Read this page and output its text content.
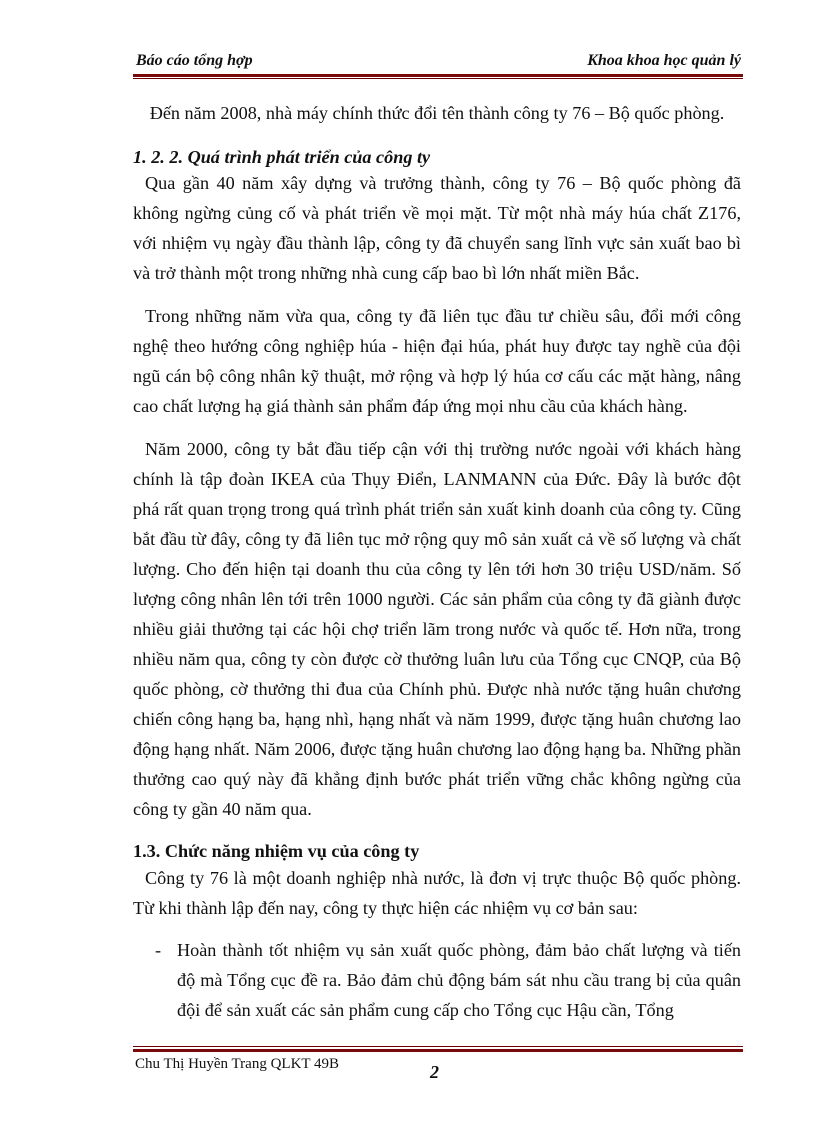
Báo cáo tổng hợp	Khoa khoa học quản lý

Đến năm 2008, nhà máy chính thức đổi tên thành công ty 76 – Bộ quốc phòng.

1. 2. 2. Quá trình phát triển của công ty

Qua gần 40 năm xây dựng và trưởng thành, công ty 76 – Bộ quốc phòng đã không ngừng củng cố và phát triển về mọi mặt. Từ một nhà máy húa chất Z176, với nhiệm vụ ngày đầu thành lập, công ty đã chuyển sang lĩnh vực sản xuất bao bì và trở thành một trong những nhà cung cấp bao bì lớn nhất miền Bắc.

Trong những năm vừa qua, công ty đã liên tục đầu tư chiều sâu, đổi mới công nghệ theo hướng công nghiệp húa - hiện đại húa, phát huy được tay nghề của đội ngũ cán bộ công nhân kỹ thuật, mở rộng và hợp lý húa cơ cấu các mặt hàng, nâng cao chất lượng hạ giá thành sản phẩm đáp ứng mọi nhu cầu của khách hàng.

Năm 2000, công ty bắt đầu tiếp cận với thị trường nước ngoài với khách hàng chính là tập đoàn IKEA của Thụy Điển, LANMANN của Đức. Đây là bước đột phá rất quan trọng trong quá trình phát triển sản xuất kinh doanh của công ty. Cũng bắt đầu từ đây, công ty đã liên tục mở rộng quy mô sản xuất cả về số lượng và chất lượng. Cho đến hiện tại doanh thu của công ty lên tới hơn 30 triệu USD/năm. Số lượng công nhân lên tới trên 1000 người. Các sản phẩm của công ty đã giành được nhiều giải thưởng tại các hội chợ triển lãm trong nước và quốc tế. Hơn nữa, trong nhiều năm qua, công ty còn được cờ thưởng luân lưu của Tổng cục CNQP, của Bộ quốc phòng, cờ thưởng thi đua của Chính phủ. Được nhà nước tặng huân chương chiến công hạng ba, hạng nhì, hạng nhất và năm 1999, được tặng huân chương lao động hạng nhất. Năm 2006, được tặng huân chương lao động hạng ba. Những phần thưởng cao quý này đã khẳng định bước phát triển vững chắc không ngừng của công ty gần 40 năm qua.

1.3. Chức năng nhiệm vụ của công ty

Công ty 76 là một doanh nghiệp nhà nước, là đơn vị trực thuộc Bộ quốc phòng. Từ khi thành lập đến nay, công ty thực hiện các nhiệm vụ cơ bản sau:

- Hoàn thành tốt nhiệm vụ sản xuất quốc phòng, đảm bảo chất lượng và tiến độ mà Tổng cục đề ra. Bảo đảm chủ động bám sát nhu cầu trang bị của quân đội để sản xuất các sản phẩm cung cấp cho Tổng cục Hậu cần, Tổng
Chu Thị Huyền Trang QLKT 49B	2
